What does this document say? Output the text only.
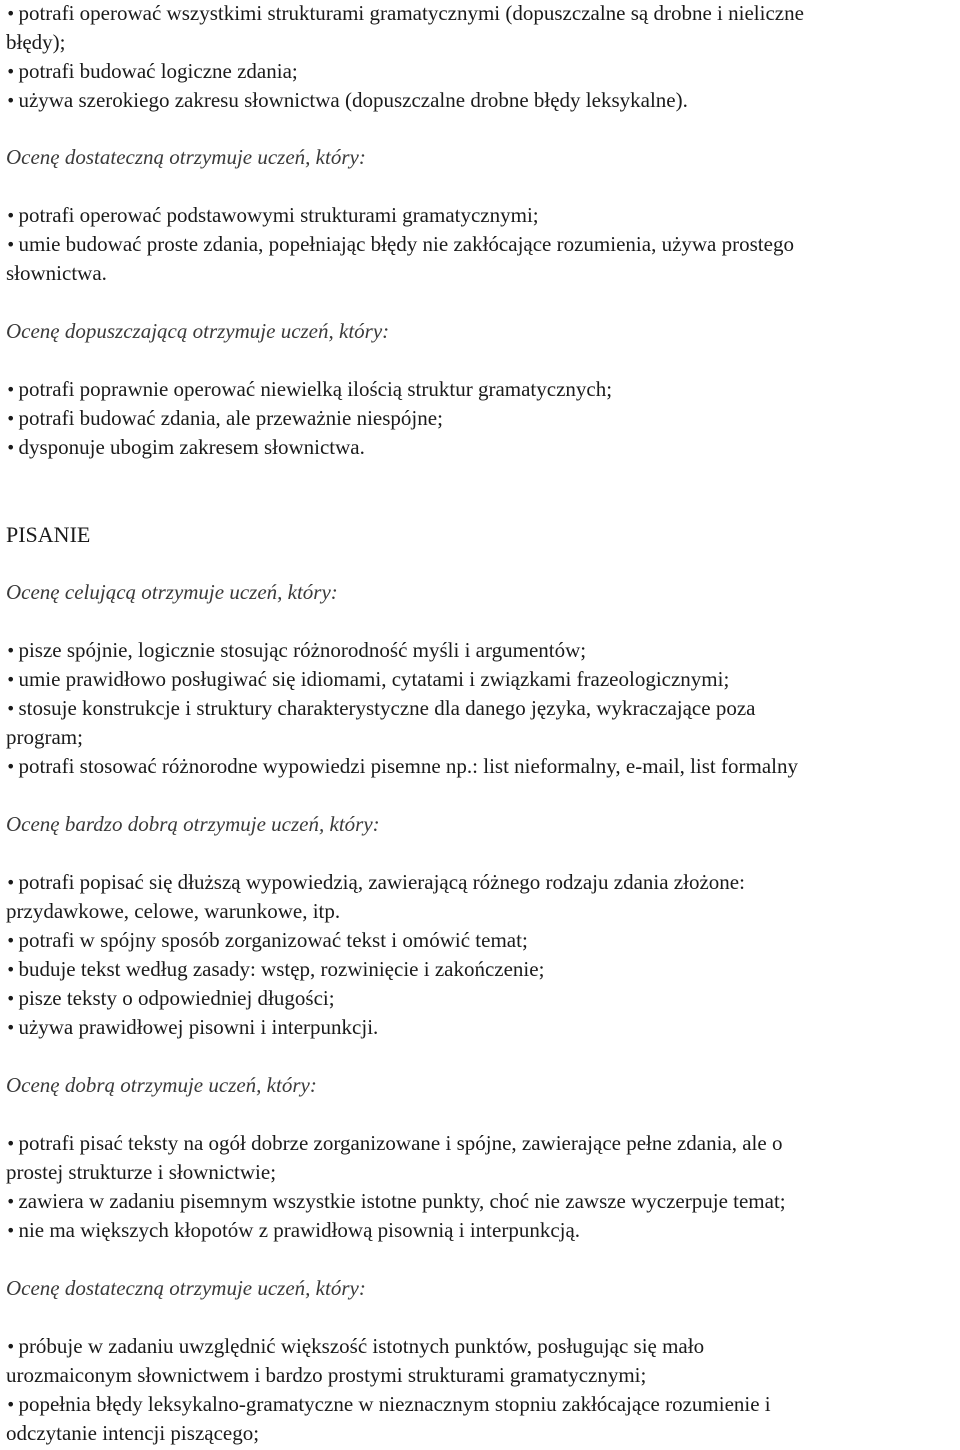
• potrafi operować wszystkimi strukturami gramatycznymi (dopuszczalne są drobne i nieliczne

błędy);

• potrafi budować logiczne zdania;

• używa szerokiego zakresu słownictwa (dopuszczalne drobne błędy leksykalne).

Ocenę dostateczną otrzymuje uczeń, który:

• potrafi operować podstawowymi strukturami gramatycznymi;

• umie budować proste zdania, popełniając błędy nie zakłócające rozumienia, używa prostego

słownictwa.

Ocenę dopuszczającą otrzymuje uczeń, który:

• potrafi poprawnie operować niewielką ilością struktur gramatycznych;

• potrafi budować zdania, ale przeważnie niespójne;

• dysponuje ubogim zakresem słownictwa.

PISANIE

Ocenę celującą otrzymuje uczeń, który:

• pisze spójnie, logicznie stosując różnorodność myśli i argumentów;

• umie prawidłowo posługiwać się idiomami, cytatami i związkami frazeologicznymi;

• stosuje konstrukcje i struktury charakterystyczne dla danego języka, wykraczające poza

program;

• potrafi stosować różnorodne wypowiedzi pisemne np.: list nieformalny, e-mail, list formalny

Ocenę bardzo dobrą otrzymuje uczeń, który:

• potrafi popisać się dłuższą wypowiedzią, zawierającą różnego rodzaju zdania złożone:

przydawkowe, celowe, warunkowe, itp.

• potrafi w spójny sposób zorganizować tekst i omówić temat;

• buduje tekst według zasady: wstęp, rozwinięcie i zakończenie;

• pisze teksty o odpowiedniej długości;

• używa prawidłowej pisowni i interpunkcji.

Ocenę dobrą otrzymuje uczeń, który:

• potrafi pisać teksty na ogół dobrze zorganizowane i spójne, zawierające pełne zdania, ale o

prostej strukturze i słownictwie;

• zawiera w zadaniu pisemnym wszystkie istotne punkty, choć nie zawsze wyczerpuje temat;

• nie ma większych kłopotów z prawidłową pisownią i interpunkcją.

Ocenę dostateczną otrzymuje uczeń, który:

• próbuje w zadaniu uwzględnić większość istotnych punktów, posługując się mało

urozmaiconym słownictwem i bardzo prostymi strukturami gramatycznymi;

• popełnia błędy leksykalno-gramatyczne w nieznacznym stopniu zakłócające rozumienie i

odczytanie intencji piszącego;
